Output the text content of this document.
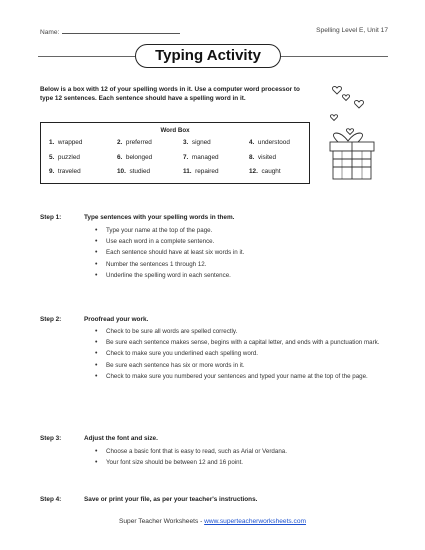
Name:	Spelling Level E, Unit 17
Typing Activity
Below is a box with 12 of your spelling words in it. Use a computer word processor to type 12 sentences. Each sentence should have a spelling word in it.
Word Box
1. wrapped	2. preferred	3. signed	4. understood
5. puzzled	6. belonged	7. managed	8. visited
9. traveled	10. studied	11. repaired	12. caught
Step 1:	Type sentences with your spelling words in them.
• Type your name at the top of the page.
• Use each word in a complete sentence.
• Each sentence should have at least six words in it.
• Number the sentences 1 through 12.
• Underline the spelling word in each sentence.
Step 2:	Proofread your work.
• Check to be sure all words are spelled correctly.
• Be sure each sentence makes sense, begins with a capital letter, and ends with a punctuation mark.
• Check to make sure you underlined each spelling word.
• Be sure each sentence has six or more words in it.
• Check to make sure you numbered your sentences and typed your name at the top of the page.
Step 3:	Adjust the font and size.
• Choose a basic font that is easy to read, such as Arial or Verdana.
• Your font size should be between 12 and 16 point.
Step 4:	Save or print your file, as per your teacher's instructions.
Super Teacher Worksheets - www.superteacherworksheets.com
